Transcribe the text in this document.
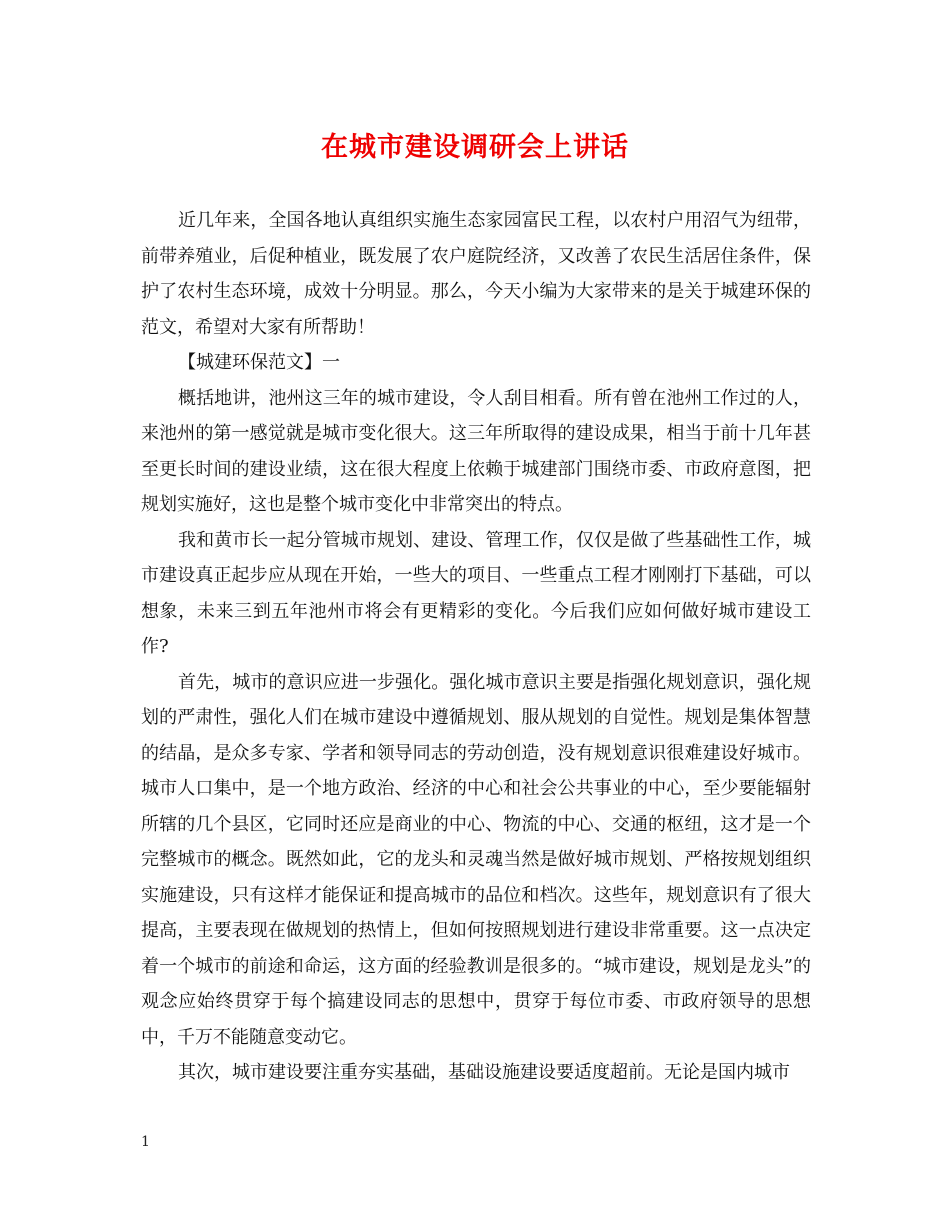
在城市建设调研会上讲话

近几年来，全国各地认真组织实施生态家园富民工程，以农村户用沼气为纽带，前带养殖业，后促种植业，既发展了农户庭院经济，又改善了农民生活居住条件，保护了农村生态环境，成效十分明显。那么，今天小编为大家带来的是关于城建环保的范文，希望对大家有所帮助！

【城建环保范文】一

概括地讲，池州这三年的城市建设，令人刮目相看。所有曾在池州工作过的人，来池州的第一感觉就是城市变化很大。这三年所取得的建设成果，相当于前十几年甚至更长时间的建设业绩，这在很大程度上依赖于城建部门围绕市委、市政府意图，把规划实施好，这也是整个城市变化中非常突出的特点。

我和黄市长一起分管城市规划、建设、管理工作，仅仅是做了些基础性工作，城市建设真正起步应从现在开始，一些大的项目、一些重点工程才刚刚打下基础，可以想象，未来三到五年池州市将会有更精彩的变化。今后我们应如何做好城市建设工作?

首先，城市的意识应进一步强化。强化城市意识主要是指强化规划意识，强化规划的严肃性，强化人们在城市建设中遵循规划、服从规划的自觉性。规划是集体智慧的结晶，是众多专家、学者和领导同志的劳动创造，没有规划意识很难建设好城市。城市人口集中，是一个地方政治、经济的中心和社会公共事业的中心，至少要能辐射所辖的几个县区，它同时还应是商业的中心、物流的中心、交通的枢纽，这才是一个完整城市的概念。既然如此，它的龙头和灵魂当然是做好城市规划、严格按规划组织实施建设，只有这样才能保证和提高城市的品位和档次。这些年，规划意识有了很大提高，主要表现在做规划的热情上，但如何按照规划进行建设非常重要。这一点决定着一个城市的前途和命运，这方面的经验教训是很多的。“城市建设，规划是龙头”的观念应始终贯穿于每个搞建设同志的思想中，贯穿于每位市委、市政府领导的思想中，千万不能随意变动它。

其次，城市建设要注重夯实基础，基础设施建设要适度超前。无论是国内城市

1
